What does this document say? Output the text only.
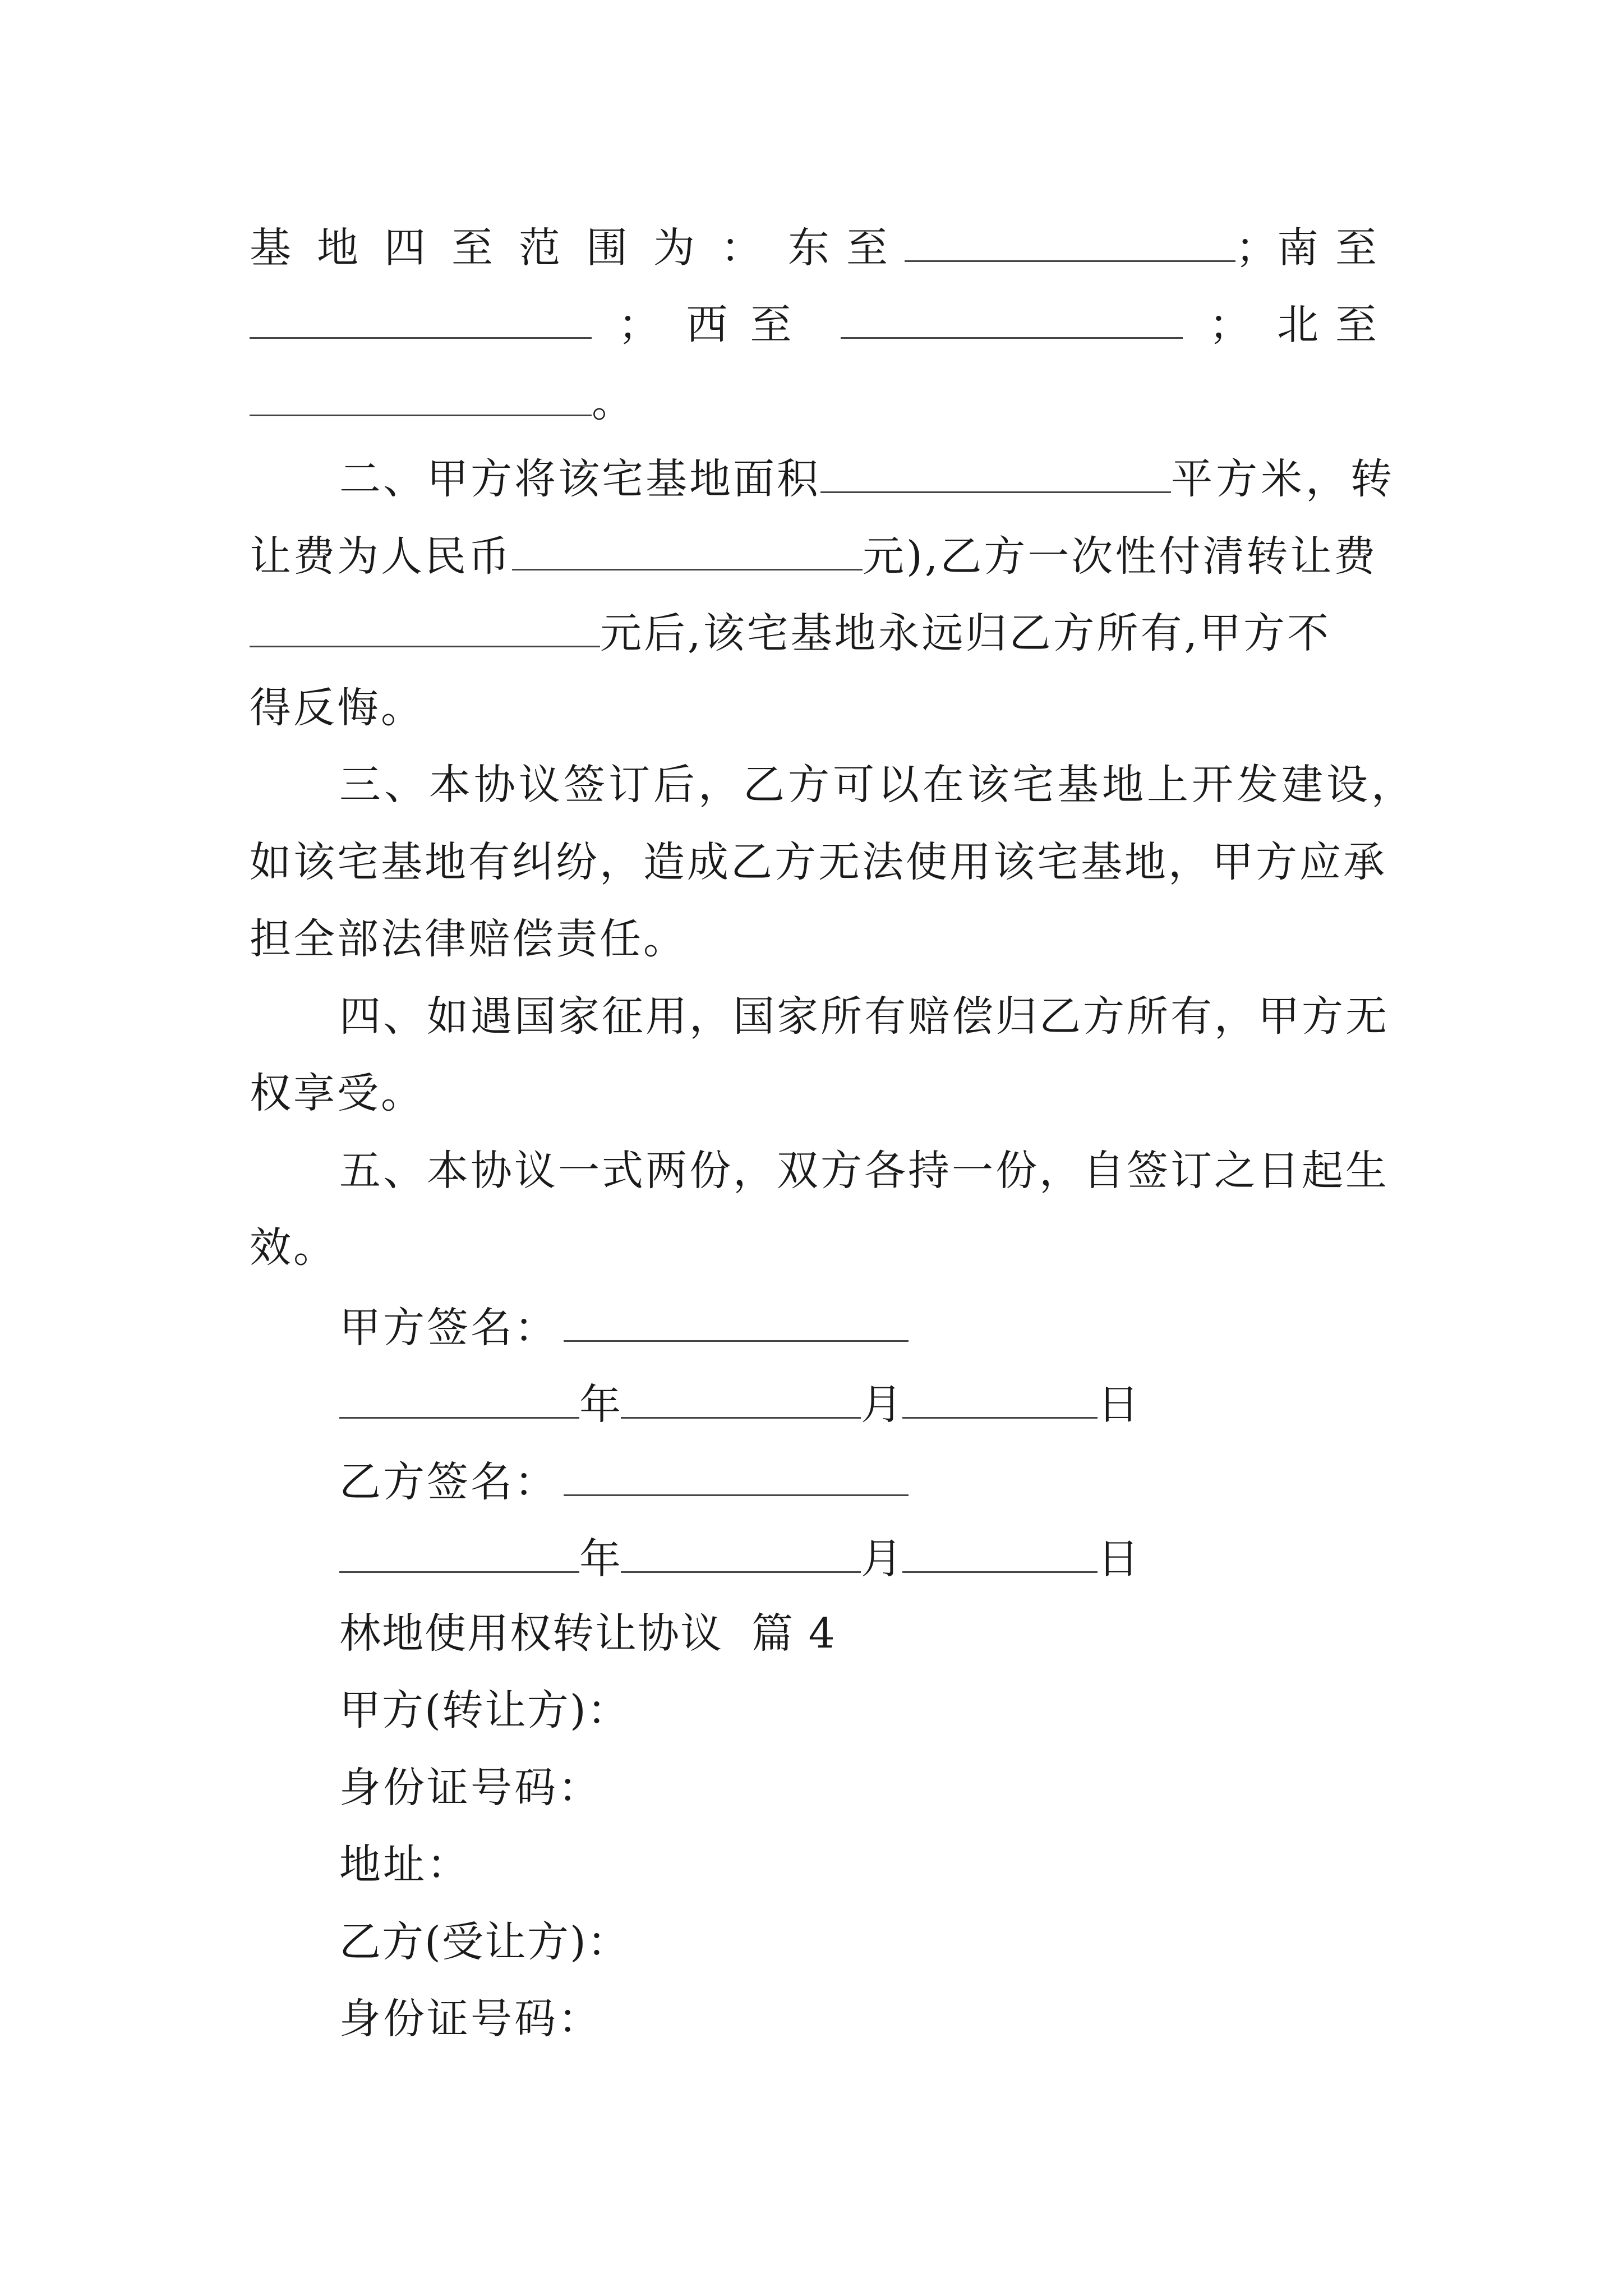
基地四至范围为： 东至	； 南至
； 西至	； 北至
。
二、甲方将该宅基地面积	平方米，转
让费为人民币	元),乙方一次性付清转让费
元后,该宅基地永远归乙方所有,甲方不
得反悔。
三、本协议签订后，乙方可以在该宅基地上开发建设，
如该宅基地有纠纷，造成乙方无法使用该宅基地，甲方应承
担全部法律赔偿责任。
四、如遇国家征用，国家所有赔偿归乙方所有，甲方无
权享受。
五、本协议一式两份，双方各持一份，自签订之日起生
效。
甲方签名：
年	月	日
乙方签名：
年	月	日
林地使用权转让协议  篇 4
甲方(转让方)：
身份证号码：
地址：
乙方(受让方)：
身份证号码：
